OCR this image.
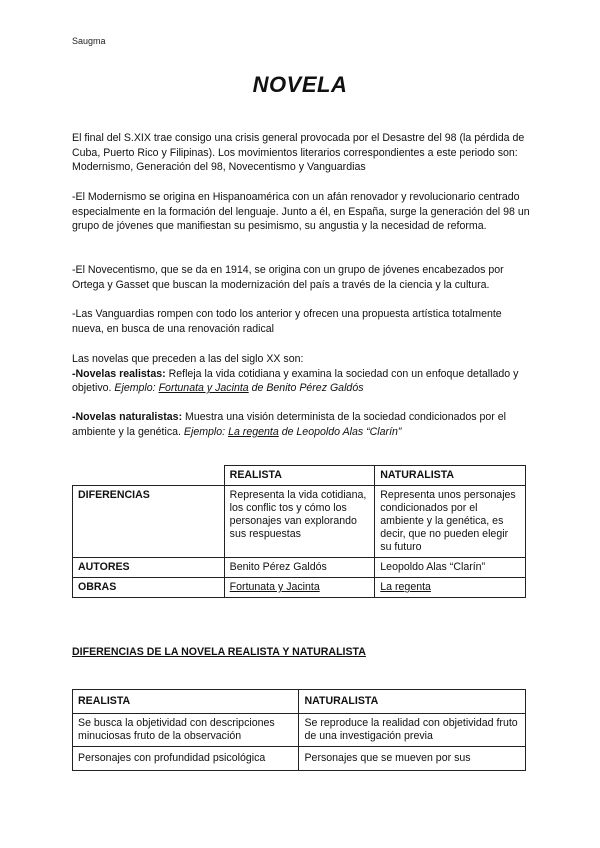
Saugma
NOVELA

El final del S.XIX trae consigo una crisis general provocada por el Desastre del 98 (la pérdida de Cuba, Puerto Rico y Filipinas). Los movimientos literarios correspondientes a este periodo son: Modernismo, Generación del 98, Novecentismo y Vanguardias

-El Modernismo se origina en Hispanoamérica con un afán renovador y revolucionario centrado especialmente en la formación del lenguaje. Junto a él, en España, surge la generación del 98 un grupo de jóvenes que manifiestan su pesimismo, su angustia y la necesidad de reforma.

-El Novecentismo, que se da en 1914, se origina con un grupo de jóvenes encabezados por Ortega y Gasset que buscan la modernización del país a través de la ciencia y la cultura.

-Las Vanguardias rompen con todo los anterior y ofrecen una propuesta artística totalmente nueva, en busca de una renovación radical

Las novelas que preceden a las del siglo XX son:

-Novelas realistas: Refleja la vida cotidiana y examina la sociedad con un enfoque detallado y objetivo. Ejemplo: Fortunata y Jacinta de Benito Pérez Galdós

-Novelas naturalistas: Muestra una visión determinista de la sociedad condicionados por el ambiente y la genética. Ejemplo: La regenta de Leopoldo Alas “Clarín”

	REALISTA	NATURALISTA
DIFERENCIAS	Representa la vida cotidiana, los conflic tos y cómo los personajes van explorando sus respuestas	Representa unos personajes condicionados por el ambiente y la genética, es decir, que no pueden elegir su futuro
AUTORES	Benito Pérez Galdós	Leopoldo Alas “Clarín”
OBRAS	Fortunata y Jacinta	La regenta
DIFERENCIAS DE LA NOVELA REALISTA Y NATURALISTA
REALISTA	NATURALISTA
Se busca la objetividad con descripciones minuciosas fruto de la observación	Se reproduce la realidad con objetividad fruto de una investigación previa
Personajes con profundidad psicológica	Personajes que se mueven por sus
